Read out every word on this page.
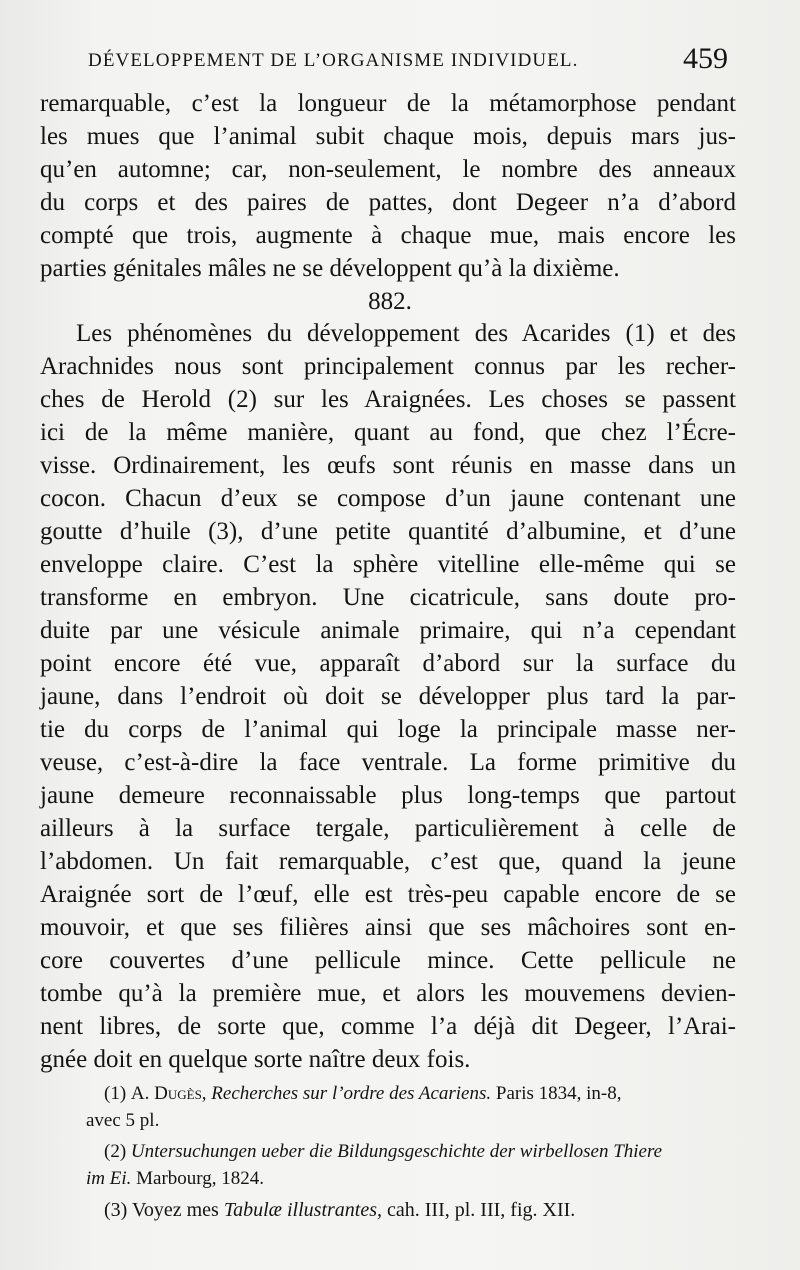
DÉVELOPPEMENT DE L’ORGANISME INDIVIDUEL.	459
remarquable, c’est la longueur de la métamorphose pendant
les mues que l’animal subit chaque mois, depuis mars jus-
qu’en automne; car, non-seulement, le nombre des anneaux
du corps et des paires de pattes, dont Degeer n’a d’abord
compté que trois, augmente à chaque mue, mais encore les
parties génitales mâles ne se développent qu’à la dixième.
882.
Les phénomènes du développement des Acarides (1) et des
Arachnides nous sont principalement connus par les recher-
ches de Herold (2) sur les Araignées. Les choses se passent
ici de la même manière, quant au fond, que chez l’Écre-
visse. Ordinairement, les œufs sont réunis en masse dans un
cocon. Chacun d’eux se compose d’un jaune contenant une
goutte d’huile (3), d’une petite quantité d’albumine, et d’une
enveloppe claire. C’est la sphère vitelline elle-même qui se
transforme en embryon. Une cicatricule, sans doute pro-
duite par une vésicule animale primaire, qui n’a cependant
point encore été vue, apparaît d’abord sur la surface du
jaune, dans l’endroit où doit se développer plus tard la par-
tie du corps de l’animal qui loge la principale masse ner-
veuse, c’est-à-dire la face ventrale. La forme primitive du
jaune demeure reconnaissable plus long-temps que partout
ailleurs à la surface tergale, particulièrement à celle de
l’abdomen. Un fait remarquable, c’est que, quand la jeune
Araignée sort de l’œuf, elle est très-peu capable encore de se
mouvoir, et que ses filières ainsi que ses mâchoires sont en-
core couvertes d’une pellicule mince. Cette pellicule ne
tombe qu’à la première mue, et alors les mouvemens devien-
nent libres, de sorte que, comme l’a déjà dit Degeer, l’Arai-
gnée doit en quelque sorte naître deux fois.
(1) A. Dugès, Recherches sur l’ordre des Acariens. Paris 1834, in-8,
avec 5 pl.
(2) Untersuchungen ueber die Bildungsgeschichte der wirbellosen Thiere
im Ei. Marbourg, 1824.
(3) Voyez mes Tabulæ illustrantes, cah. III, pl. III, fig. XII.
